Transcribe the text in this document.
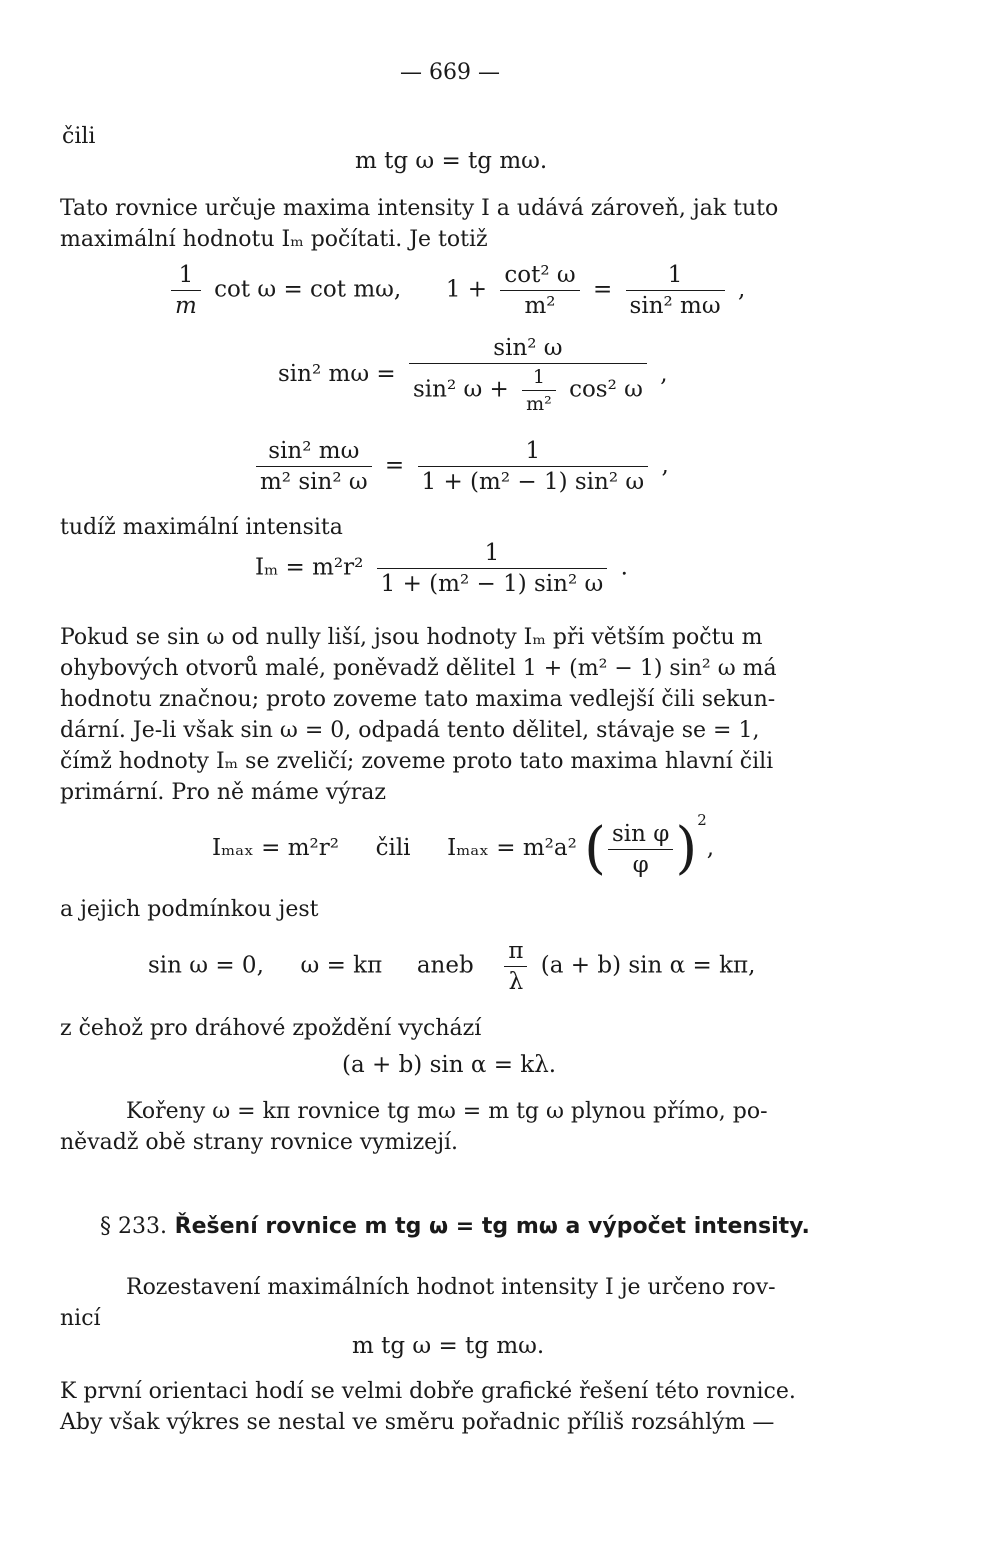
— 669 —
čili
m tg ω = tg mω.
Tato rovnice určuje maxima intensity I a udává zároveň, jak tuto
maximální hodnotu Iₘ počítati. Je totiž
$\frac{1}{m}$ cot ω = cot mω, $1 + \frac{\text{cot² ω}}{\text{m²}} = \frac{1}{\text{sin² mω}}$ ,
sin² mω =
sin² ω
sin² $\omega + \frac{1}{\text{m²}} \cos^2$ ω
,
$\frac{\text{sin² mω}}{\text{m² sin² ω}} = \frac{1}{\text{1 + (m² − 1) sin² ω}}$ ,
tudíž maximální intensita
$I_m = m^2r^2 \frac{1}{\text{1 + (m² − 1) sin² ω}}$ .
Pokud se sin ω od nully liší, jsou hodnoty Iₘ při větším počtu m
ohybových otvorů malé, poněvadž dělitel 1 + (m² − 1) sin² ω má
hodnotu značnou; proto zoveme tato maxima vedlejší čili sekun-
dární. Je-li však sin ω = 0, odpadá tento dělitel, stávaje se = 1,
čímž hodnoty Iₘ se zveličí; zoveme proto tato maxima hlavní čili
primární. Pro ně máme výraz
Iₘₐₓ = m²r² čili Iₘₐₓ = m²a² ( $\frac{\text{sin φ}}{\varphi} )^2$,
a jejich podmínkou jest
sin ω = 0, ω = kπ aneb $\frac{\pi}{\lambda} (a + b)$ sin α = kπ,
z čehož pro dráhové zpoždění vychází
(a + b) sin α = kλ.
Kořeny ω = kπ rovnice tg mω = m tg ω plynou přímo, po-
něvadž obě strany rovnice vymizejí.
§ 233. Řešení rovnice m tg ω = tg mω a výpočet intensity.
Rozestavení maximálních hodnot intensity I je určeno rov-
nicí
m tg ω = tg mω.
K první orientaci hodí se velmi dobře grafické řešení této rovnice.
Aby však výkres se nestal ve směru pořadnic příliš rozsáhlým —
